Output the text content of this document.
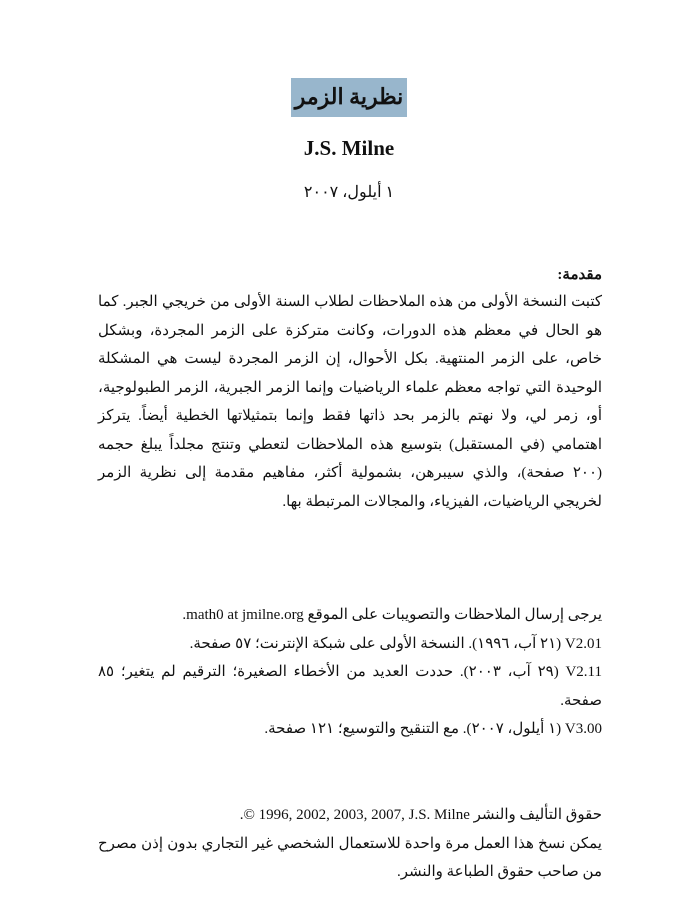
نظرية الزمر
J.S. Milne
١ أيلول، ٢٠٠٧
مقدمة:
كتبت النسخة الأولى من هذه الملاحظات لطلاب السنة الأولى من خريجي الجبر. كما هو الحال في معظم هذه الدورات، وكانت متركزة على الزمر المجردة، وبشكل خاص، على الزمر المنتهية. بكل الأحوال، إن الزمر المجردة ليست هي المشكلة الوحيدة التي تواجه معظم علماء الرياضيات وإنما الزمر الجبرية، الزمر الطبولوجية، أو، زمر لي، ولا نهتم بالزمر بحد ذاتها فقط وإنما بتمثيلاتها الخطية أيضاً. يتركز اهتمامي (في المستقبل) بتوسيع هذه الملاحظات لتعطي وتنتج مجلداً يبلغ حجمه (٢٠٠ صفحة)، والذي سيبرهن، بشمولية أكثر، مفاهيم مقدمة إلى نظرية الزمر لخريجي الرياضيات، الفيزياء، والمجالات المرتبطة بها.

يرجى إرسال الملاحظات والتصويبات على الموقع math0 at jmilne.org.

V2.01 (٢١ آب، ١٩٩٦). النسخة الأولى على شبكة الإنترنت؛ ٥٧ صفحة.

V2.11 (٢٩ آب، ٢٠٠٣). حددت العديد من الأخطاء الصغيرة؛ الترقيم لم يتغير؛ ٨٥ صفحة.

V3.00 (١ أيلول، ٢٠٠٧). مع التنقيح والتوسيع؛ ١٢١ صفحة.

حقوق التأليف والنشر © 1996, 2002, 2003, 2007, J.S. Milne.

يمكن نسخ هذا العمل مرة واحدة للاستعمال الشخصي غير التجاري بدون إذن مصرح من صاحب حقوق الطباعة والنشر.
